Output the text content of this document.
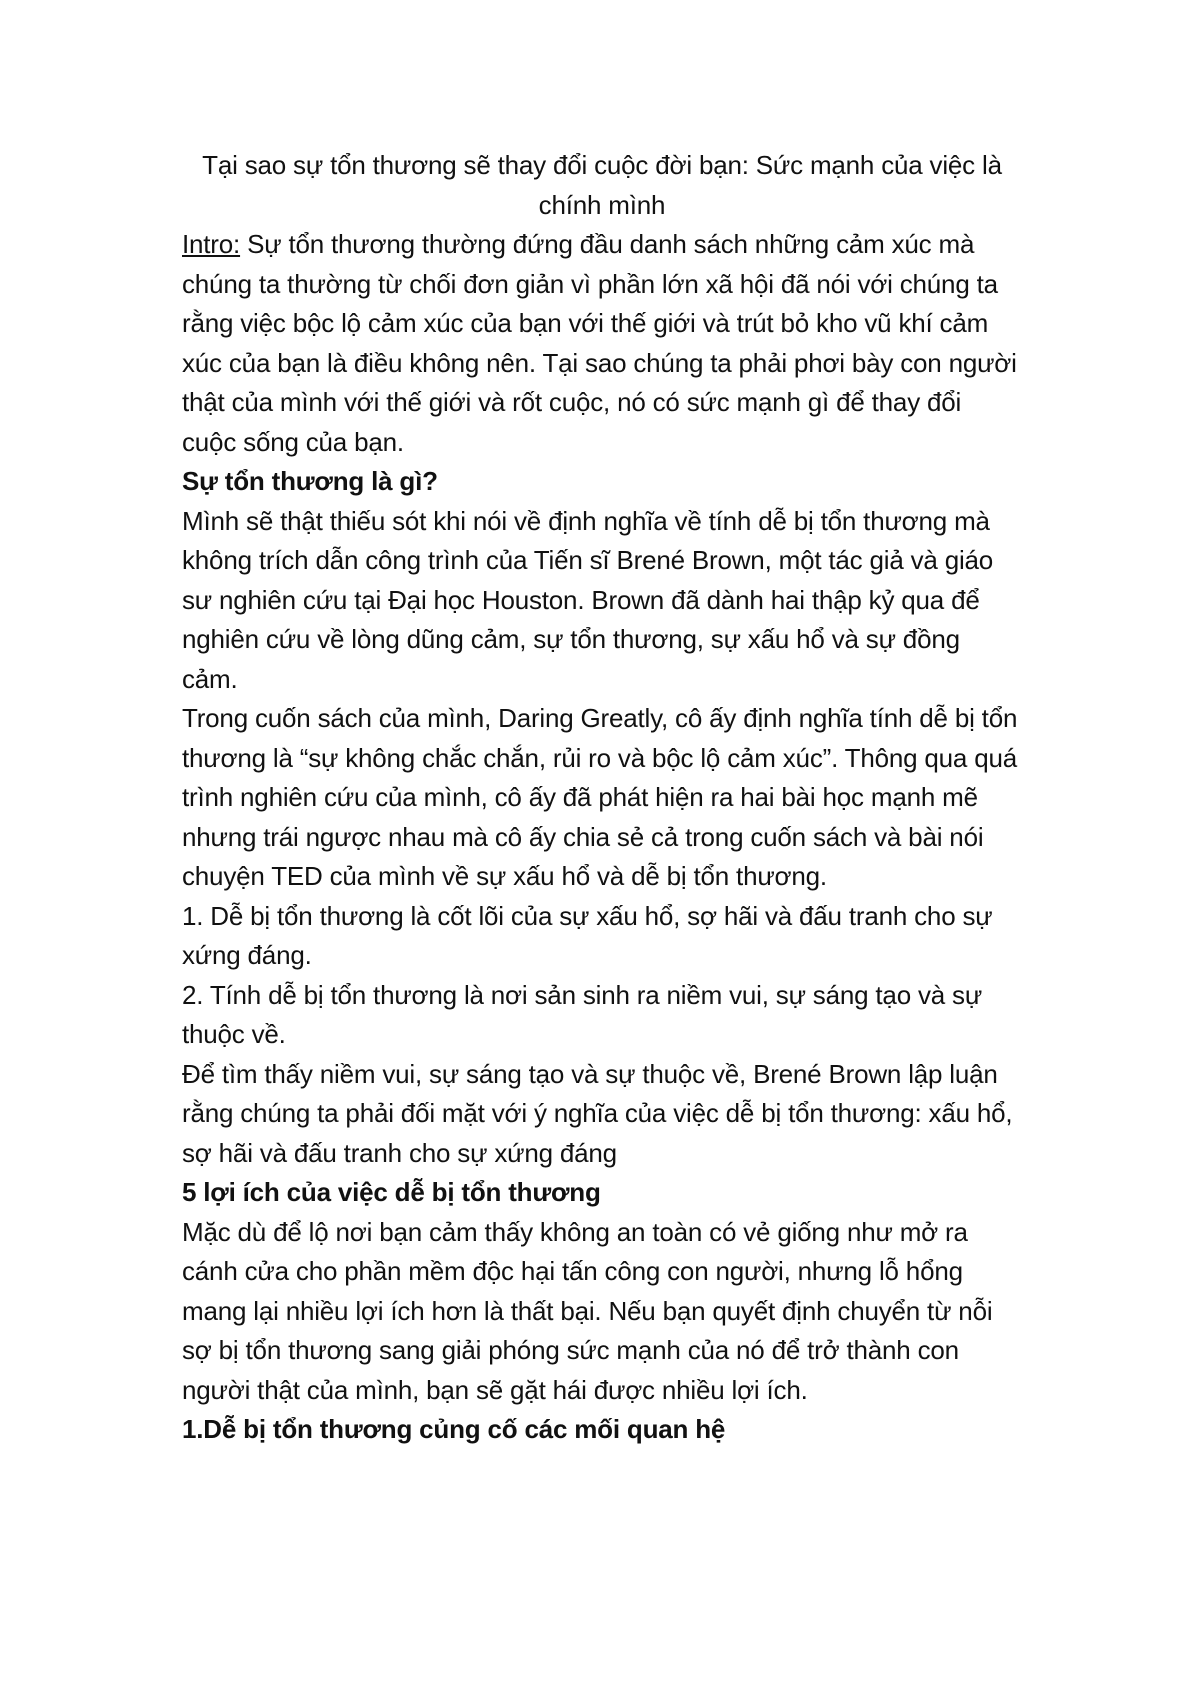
Tại sao sự tổn thương sẽ thay đổi cuộc đời bạn: Sức mạnh của việc là chính mình

Intro: Sự tổn thương thường đứng đầu danh sách những cảm xúc mà chúng ta thường từ chối đơn giản vì phần lớn xã hội đã nói với chúng ta rằng việc bộc lộ cảm xúc của bạn với thế giới và trút bỏ kho vũ khí cảm xúc của bạn là điều không nên. Tại sao chúng ta phải phơi bày con người thật của mình với thế giới và rốt cuộc, nó có sức mạnh gì để thay đổi cuộc sống của bạn.

Sự tổn thương là gì?

Mình sẽ thật thiếu sót khi nói về định nghĩa về tính dễ bị tổn thương mà không trích dẫn công trình của Tiến sĩ Brené Brown, một tác giả và giáo sư nghiên cứu tại Đại học Houston. Brown đã dành hai thập kỷ qua để nghiên cứu về lòng dũng cảm, sự tổn thương, sự xấu hổ và sự đồng cảm.

Trong cuốn sách của mình, Daring Greatly, cô ấy định nghĩa tính dễ bị tổn thương là “sự không chắc chắn, rủi ro và bộc lộ cảm xúc”. Thông qua quá trình nghiên cứu của mình, cô ấy đã phát hiện ra hai bài học mạnh mẽ nhưng trái ngược nhau mà cô ấy chia sẻ cả trong cuốn sách và bài nói chuyện TED của mình về sự xấu hổ và dễ bị tổn thương.

1. Dễ bị tổn thương là cốt lõi của sự xấu hổ, sợ hãi và đấu tranh cho sự xứng đáng.

2. Tính dễ bị tổn thương là nơi sản sinh ra niềm vui, sự sáng tạo và sự thuộc về.

Để tìm thấy niềm vui, sự sáng tạo và sự thuộc về, Brené Brown lập luận rằng chúng ta phải đối mặt với ý nghĩa của việc dễ bị tổn thương: xấu hổ, sợ hãi và đấu tranh cho sự xứng đáng

5 lợi ích của việc dễ bị tổn thương

Mặc dù để lộ nơi bạn cảm thấy không an toàn có vẻ giống như mở ra cánh cửa cho phần mềm độc hại tấn công con người, nhưng lỗ hổng mang lại nhiều lợi ích hơn là thất bại. Nếu bạn quyết định chuyển từ nỗi sợ bị tổn thương sang giải phóng sức mạnh của nó để trở thành con người thật của mình, bạn sẽ gặt hái được nhiều lợi ích.

1.Dễ bị tổn thương củng cố các mối quan hệ
